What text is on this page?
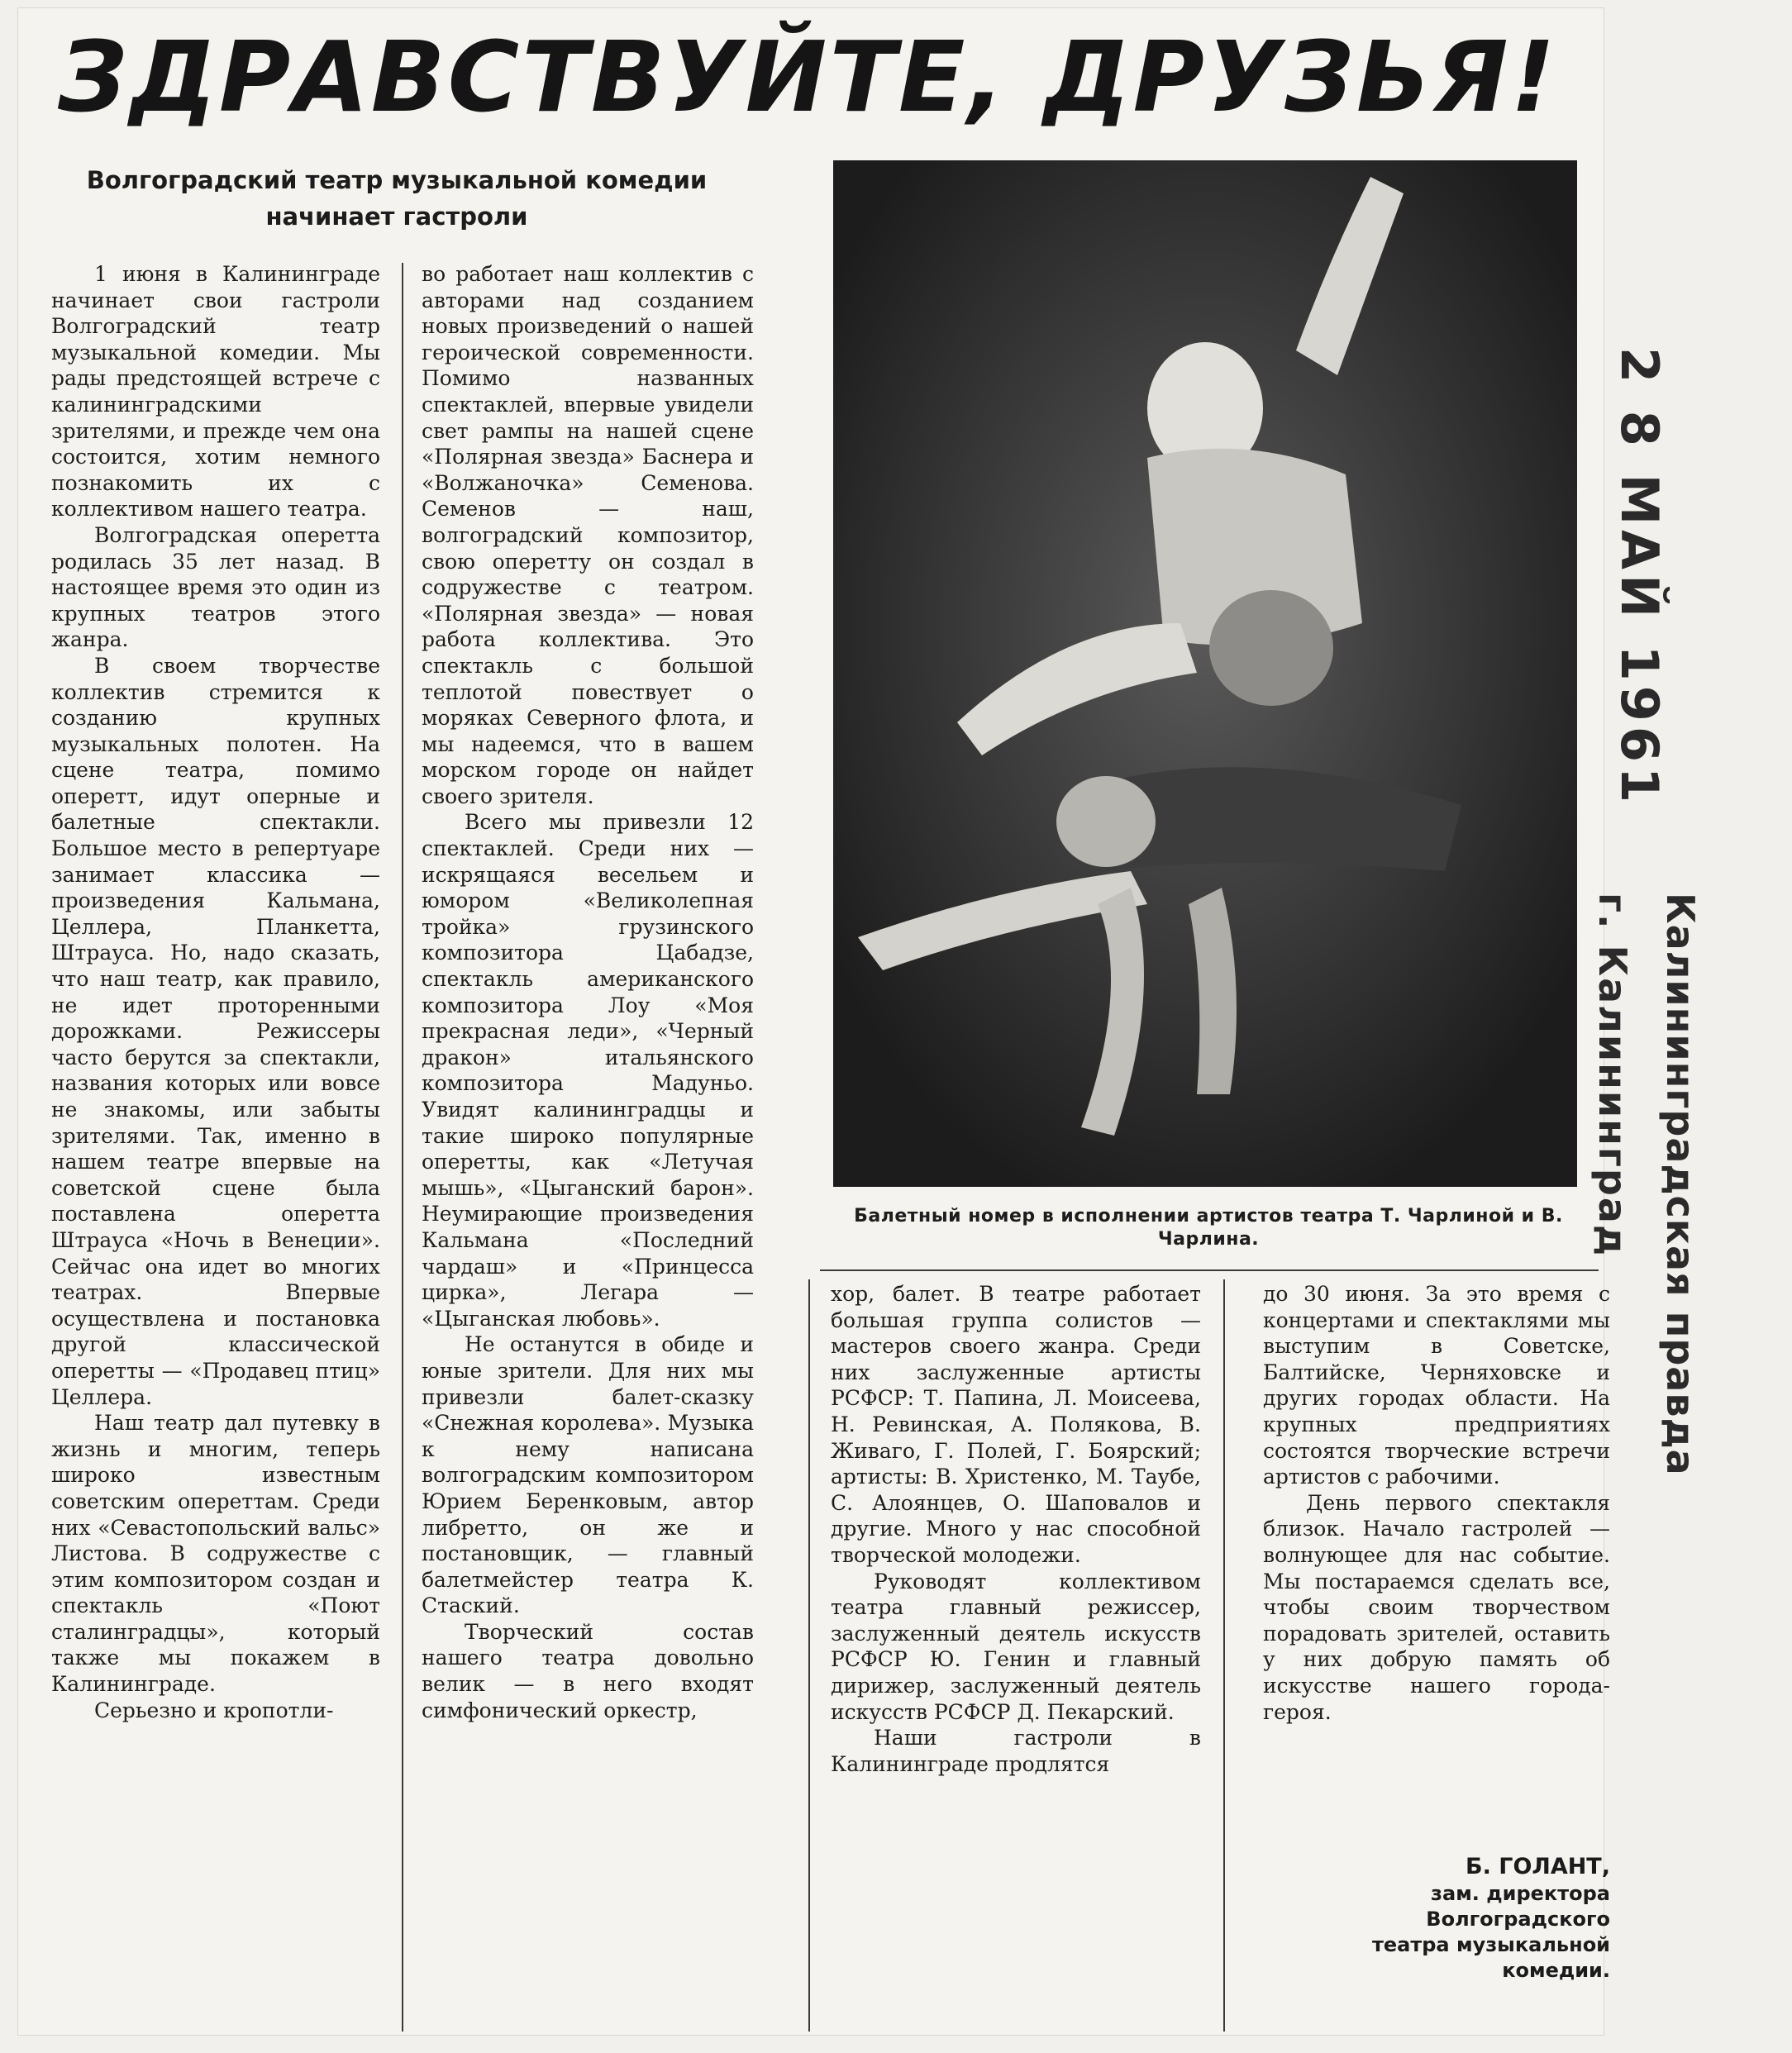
ЗДРАВСТВУЙТЕ, ДРУЗЬЯ!
Волгоградский театр музыкальной комедии начинает гастроли

1 июня в Калининграде начинает свои гастроли Волгоградский театр музыкальной комедии. Мы рады предстоящей встрече с калининградскими зрителями, и прежде чем она состоится, хотим немного познакомить их с коллективом нашего театра.

Волгоградская оперетта родилась 35 лет назад. В настоящее время это один из крупных театров этого жанра.

В своем творчестве коллектив стремится к созданию крупных музыкальных полотен. На сцене театра, помимо оперетт, идут оперные и балетные спектакли. Большое место в репертуаре занимает классика — произведения Кальмана, Целлера, Планкетта, Штрауса. Но, надо сказать, что наш театр, как правило, не идет проторенными дорожками. Режиссеры часто берутся за спектакли, названия которых или вовсе не знакомы, или забыты зрителями. Так, именно в нашем театре впервые на советской сцене была поставлена оперетта Штрауса «Ночь в Венеции». Сейчас она идет во многих театрах. Впервые осуществлена и постановка другой классической оперетты — «Продавец птиц» Целлера.

Наш театр дал путевку в жизнь и многим, теперь широко известным советским опереттам. Среди них «Севастопольский вальс» Листова. В содружестве с этим композитором создан и спектакль «Поют сталинградцы», который также мы покажем в Калининграде.

Серьезно и кропотли-

во работает наш коллектив с авторами над созданием новых произведений о нашей героической современности. Помимо названных спектаклей, впервые увидели свет рампы на нашей сцене «Полярная звезда» Баснера и «Волжаночка» Семенова. Семенов — наш, волгоградский композитор, свою оперетту он создал в содружестве с театром. «Полярная звезда» — новая работа коллектива. Это спектакль с большой теплотой повествует о моряках Северного флота, и мы надеемся, что в вашем морском городе он найдет своего зрителя.

Всего мы привезли 12 спектаклей. Среди них — искрящаяся весельем и юмором «Великолепная тройка» грузинского композитора Цабадзе, спектакль американского композитора Лоу «Моя прекрасная леди», «Черный дракон» итальянского композитора Мадуньо. Увидят калининградцы и такие широко популярные оперетты, как «Летучая мышь», «Цыганский барон». Неумирающие произведения Кальмана «Последний чардаш» и «Принцесса цирка», Легара — «Цыганская любовь».

Не останутся в обиде и юные зрители. Для них мы привезли балет-сказку «Снежная королева». Музыка к нему написана волгоградским композитором Юрием Беренковым, автор либретто, он же и постановщик, — главный балетмейстер театра К. Стаский.

Творческий состав нашего театра довольно велик — в него входят симфонический оркестр,

Балетный номер в исполнении артистов театра Т. Чарлиной и В. Чарлина.

хор, балет. В театре работает большая группа солистов — мастеров своего жанра. Среди них заслуженные артисты РСФСР: Т. Папина, Л. Моисеева, Н. Ревинская, А. Полякова, В. Живаго, Г. Полей, Г. Боярский; артисты: В. Христенко, М. Таубе, С. Алоянцев, О. Шаповалов и другие. Много у нас способной творческой молодежи.

Руководят коллективом театра главный режиссер, заслуженный деятель искусств РСФСР Ю. Генин и главный дирижер, заслуженный деятель искусств РСФСР Д. Пекарский.

Наши гастроли в Калининграде продлятся

до 30 июня. За это время с концертами и спектаклями мы выступим в Советске, Балтийске, Черняховске и других городах области. На крупных предприятиях состоятся творческие встречи артистов с рабочими.

День первого спектакля близок. Начало гастролей — волнующее для нас событие. Мы постараемся сделать все, чтобы своим творчеством порадовать зрителей, оставить у них добрую память об искусстве нашего города-героя.

Б. ГОЛАНТ,
зам. директора
Волгоградского
театра музыкальной
комедии.
2 8 МАЙ 1961
г. Калининград Калининградская правда
